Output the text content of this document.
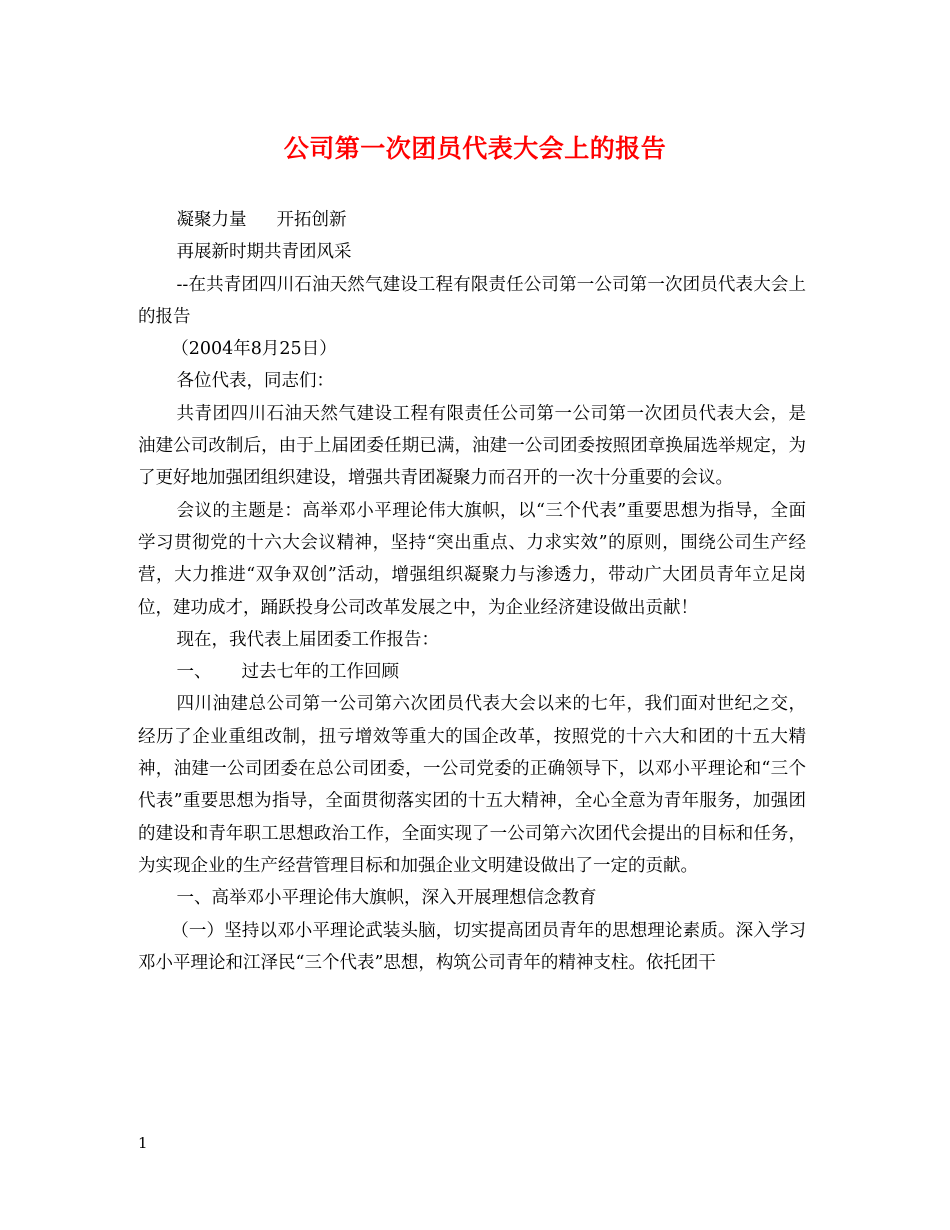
公司第一次团员代表大会上的报告

凝聚力量 开拓创新

再展新时期共青团风采

--在共青团四川石油天然气建设工程有限责任公司第一公司第一次团员代表大会上的报告

（2004年8月25日）

各位代表，同志们：

共青团四川石油天然气建设工程有限责任公司第一公司第一次团员代表大会，是油建公司改制后，由于上届团委任期已满，油建一公司团委按照团章换届选举规定，为了更好地加强团组织建设，增强共青团凝聚力而召开的一次十分重要的会议。

会议的主题是：高举邓小平理论伟大旗帜，以“三个代表”重要思想为指导，全面学习贯彻党的十六大会议精神，坚持“突出重点、力求实效”的原则，围绕公司生产经营，大力推进“双争双创”活动，增强组织凝聚力与渗透力，带动广大团员青年立足岗位，建功成才，踊跃投身公司改革发展之中，为企业经济建设做出贡献！

现在，我代表上届团委工作报告：

一、 过去七年的工作回顾

四川油建总公司第一公司第六次团员代表大会以来的七年，我们面对世纪之交，经历了企业重组改制，扭亏增效等重大的国企改革，按照党的十六大和团的十五大精神，油建一公司团委在总公司团委，一公司党委的正确领导下，以邓小平理论和“三个代表”重要思想为指导，全面贯彻落实团的十五大精神，全心全意为青年服务，加强团的建设和青年职工思想政治工作，全面实现了一公司第六次团代会提出的目标和任务，为实现企业的生产经营管理目标和加强企业文明建设做出了一定的贡献。

一、高举邓小平理论伟大旗帜，深入开展理想信念教育

（一）坚持以邓小平理论武装头脑，切实提高团员青年的思想理论素质。深入学习邓小平理论和江泽民“三个代表”思想，构筑公司青年的精神支柱。依托团干

1
